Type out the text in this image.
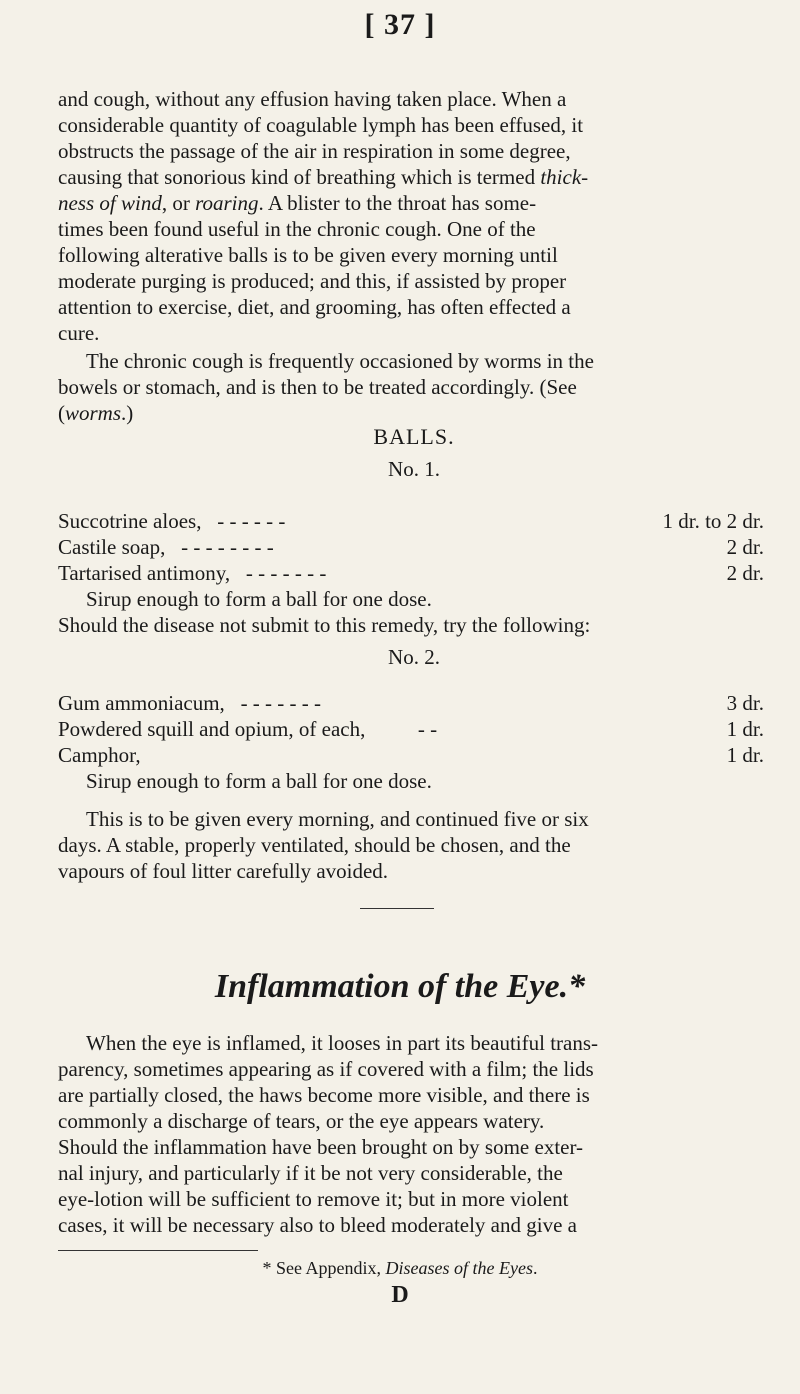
[ 37 ]
and cough, without any effusion having taken place. When a
considerable quantity of coagulable lymph has been effused, it
obstructs the passage of the air in respiration in some degree,
causing that sonorious kind of breathing which is termed thick-
ness of wind, or roaring. A blister to the throat has some-
times been found useful in the chronic cough. One of the
following alterative balls is to be given every morning until
moderate purging is produced; and this, if assisted by proper
attention to exercise, diet, and grooming, has often effected a
cure.
The chronic cough is frequently occasioned by worms in the
bowels or stomach, and is then to be treated accordingly. (See
(worms.)
BALLS.
No. 1.
Succotrine aloes, - - - - - -	1 dr. to 2 dr.
Castile soap, - - - - - - - -	2 dr.
Tartarised antimony, - - - - - - -	2 dr.
Sirup enough to form a ball for one dose.
Should the disease not submit to this remedy, try the following:
No. 2.
Gum ammoniacum, - - - - - - -	3 dr.
Powdered squill and opium, of each,	- -	1 dr.
Camphor,	1 dr.
Sirup enough to form a ball for one dose.
This is to be given every morning, and continued five or six
days. A stable, properly ventilated, should be chosen, and the
vapours of foul litter carefully avoided.
Inflammation of the Eye.*
When the eye is inflamed, it looses in part its beautiful trans-
parency, sometimes appearing as if covered with a film; the lids
are partially closed, the haws become more visible, and there is
commonly a discharge of tears, or the eye appears watery.
Should the inflammation have been brought on by some exter-
nal injury, and particularly if it be not very considerable, the
eye-lotion will be sufficient to remove it; but in more violent
cases, it will be necessary also to bleed moderately and give a
* See Appendix, Diseases of the Eyes.
D
